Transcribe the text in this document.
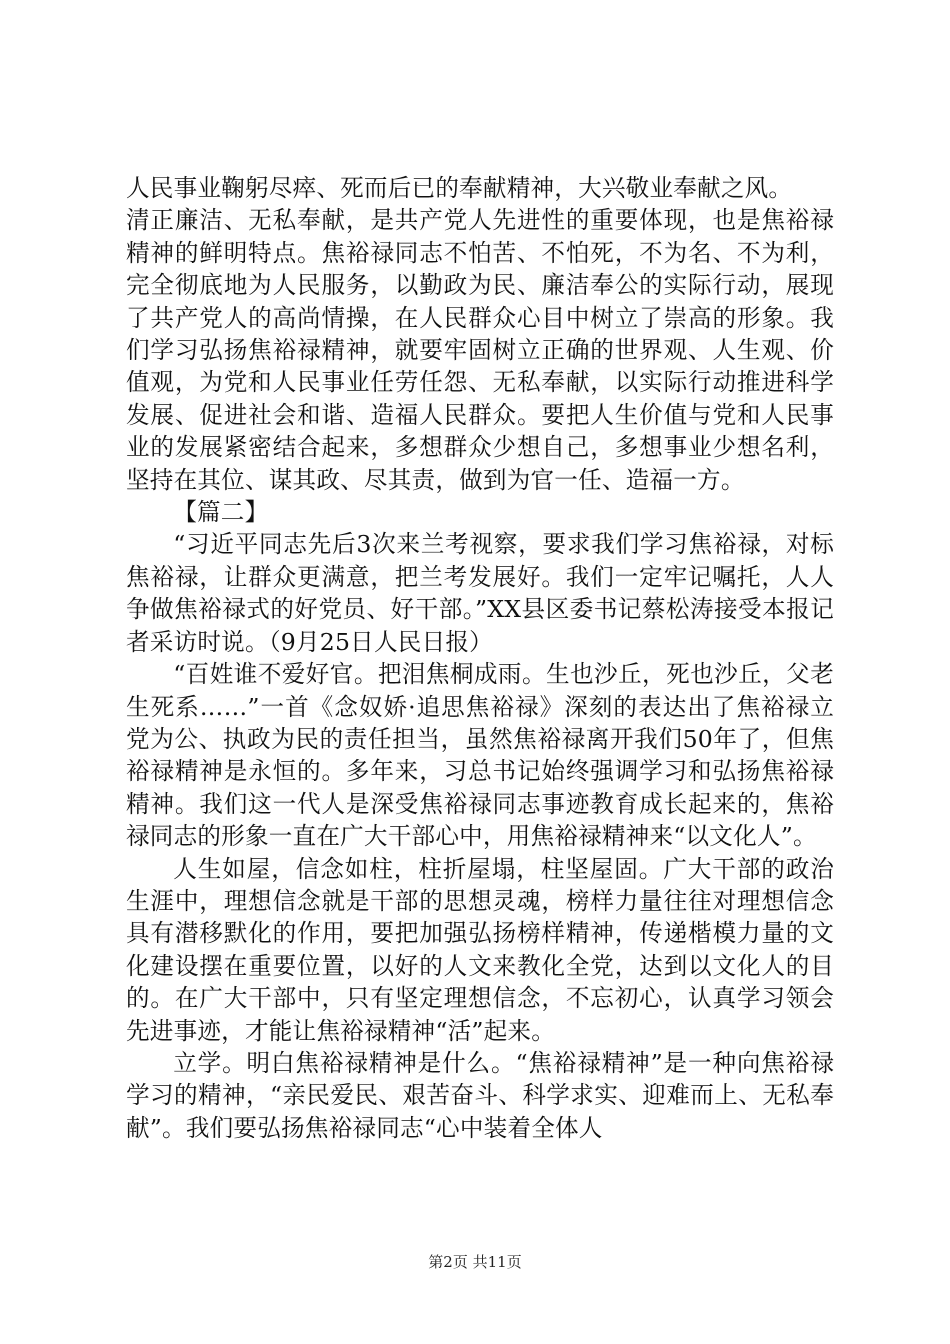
人民事业鞠躬尽瘁、死而后已的奉献精神，大兴敬业奉献之风。

清正廉洁、无私奉献，是共产党人先进性的重要体现，也是焦裕禄精神的鲜明特点。焦裕禄同志不怕苦、不怕死，不为名、不为利，完全彻底地为人民服务，以勤政为民、廉洁奉公的实际行动，展现了共产党人的高尚情操，在人民群众心目中树立了崇高的形象。我们学习弘扬焦裕禄精神，就要牢固树立正确的世界观、人生观、价值观，为党和人民事业任劳任怨、无私奉献，以实际行动推进科学发展、促进社会和谐、造福人民群众。要把人生价值与党和人民事业的发展紧密结合起来，多想群众少想自己，多想事业少想名利，坚持在其位、谋其政、尽其责，做到为官一任、造福一方。

【篇二】

“习近平同志先后3次来兰考视察，要求我们学习焦裕禄，对标焦裕禄，让群众更满意，把兰考发展好。我们一定牢记嘱托，人人争做焦裕禄式的好党员、好干部。”XX县区委书记蔡松涛接受本报记者采访时说。（9月25日人民日报）

“百姓谁不爱好官。把泪焦桐成雨。生也沙丘，死也沙丘，父老生死系……”一首《念奴娇·追思焦裕禄》深刻的表达出了焦裕禄立党为公、执政为民的责任担当，虽然焦裕禄离开我们50年了，但焦裕禄精神是永恒的。多年来，习总书记始终强调学习和弘扬焦裕禄精神。我们这一代人是深受焦裕禄同志事迹教育成长起来的，焦裕禄同志的形象一直在广大干部心中，用焦裕禄精神来“以文化人”。

人生如屋，信念如柱，柱折屋塌，柱坚屋固。广大干部的政治生涯中，理想信念就是干部的思想灵魂，榜样力量往往对理想信念具有潜移默化的作用，要把加强弘扬榜样精神，传递楷模力量的文化建设摆在重要位置，以好的人文来教化全党，达到以文化人的目的。在广大干部中，只有坚定理想信念，不忘初心，认真学习领会先进事迹，才能让焦裕禄精神“活”起来。

立学。明白焦裕禄精神是什么。“焦裕禄精神”是一种向焦裕禄学习的精神，“亲民爱民、艰苦奋斗、科学求实、迎难而上、无私奉献”。我们要弘扬焦裕禄同志“心中装着全体人

第2页 共11页
